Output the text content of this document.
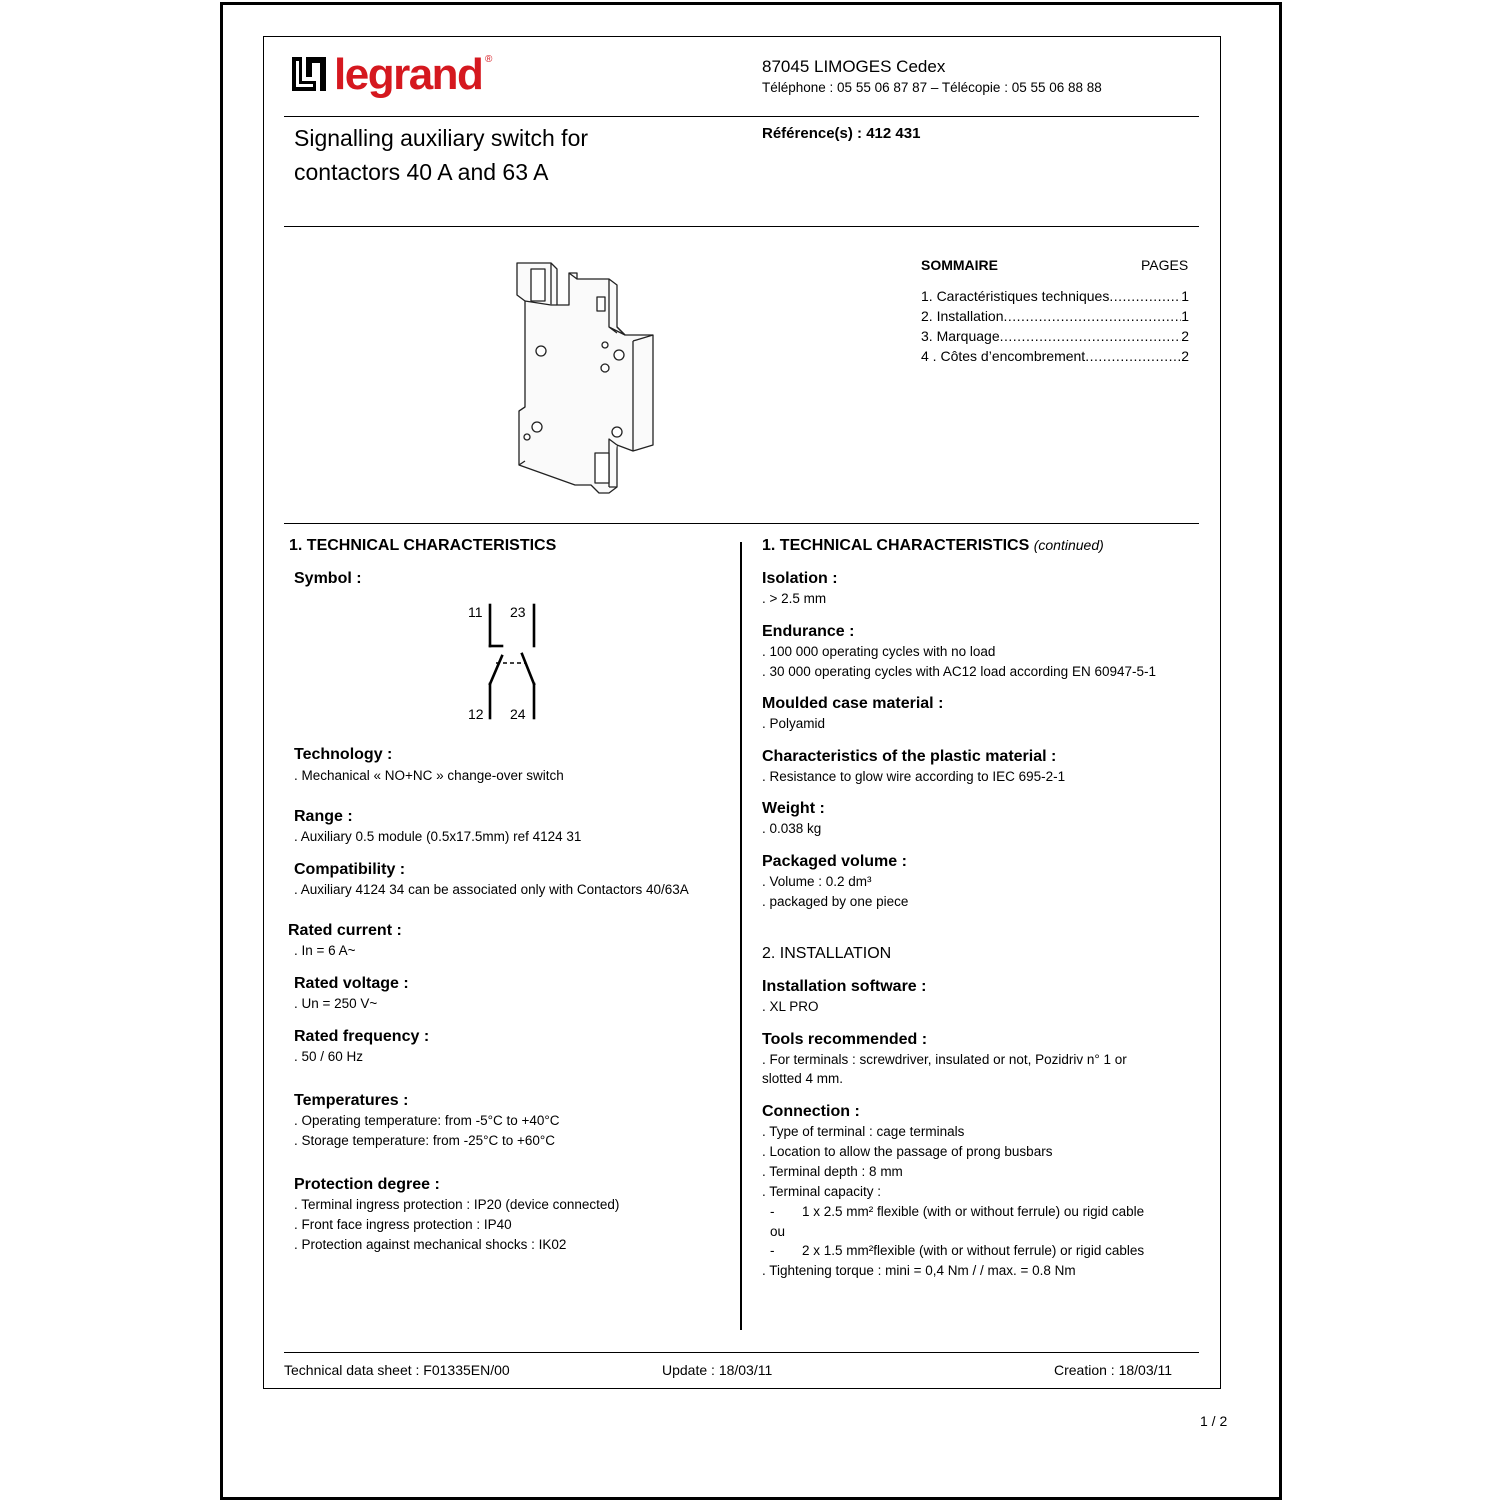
legrand ®	87045 LIMOGES Cedex
Téléphone : 05 55 06 87 87 – Télécopie : 05 55 06 88 88
Signalling auxiliary switch for
contactors 40 A and 63 A
Référence(s) : 412 431
SOMMAIRE	PAGES
1. Caractéristiques techniques .....	1
2. Installation .....	1
3. Marquage .....	2
4 . Côtes d’encombrement .....	2
1. TECHNICAL CHARACTERISTICS
Symbol :
11 23
12 24
Technology :
. Mechanical « NO+NC » change-over switch
Range :
. Auxiliary 0.5 module (0.5x17.5mm) ref 4124 31
Compatibility :
. Auxiliary 4124 34 can be associated only with Contactors 40/63A
Rated current :
. In = 6 A~
Rated voltage :
. Un = 250 V~
Rated frequency :
. 50 / 60 Hz
Temperatures :
. Operating temperature: from -5°C to +40°C
. Storage temperature: from -25°C to +60°C
Protection degree :
. Terminal ingress protection : IP20 (device connected)
. Front face ingress protection : IP40
. Protection against mechanical shocks : IK02
1. TECHNICAL CHARACTERISTICS (continued)
Isolation :
. > 2.5 mm
Endurance :
. 100 000 operating cycles with no load
. 30 000 operating cycles with AC12 load according EN 60947-5-1
Moulded case material :
. Polyamid
Characteristics of the plastic material :
. Resistance to glow wire according to IEC 695-2-1
Weight :
. 0.038 kg
Packaged volume :
. Volume : 0.2 dm³
. packaged by one piece
2. INSTALLATION
Installation software :
. XL PRO
Tools recommended :
. For terminals : screwdriver, insulated or not, Pozidriv n° 1 or
slotted 4 mm.
Connection :
. Type of terminal : cage terminals
. Location to allow the passage of prong busbars
. Terminal depth : 8 mm
. Terminal capacity :
- 1 x 2.5 mm² flexible (with or without ferrule) ou rigid cable
ou
- 2 x 1.5 mm²flexible (with or without ferrule) or rigid cables
. Tightening torque : mini = 0,4 Nm / / max. = 0.8 Nm
Technical data sheet : F01335EN/00	Update : 18/03/11	Creation : 18/03/11
1 / 2
